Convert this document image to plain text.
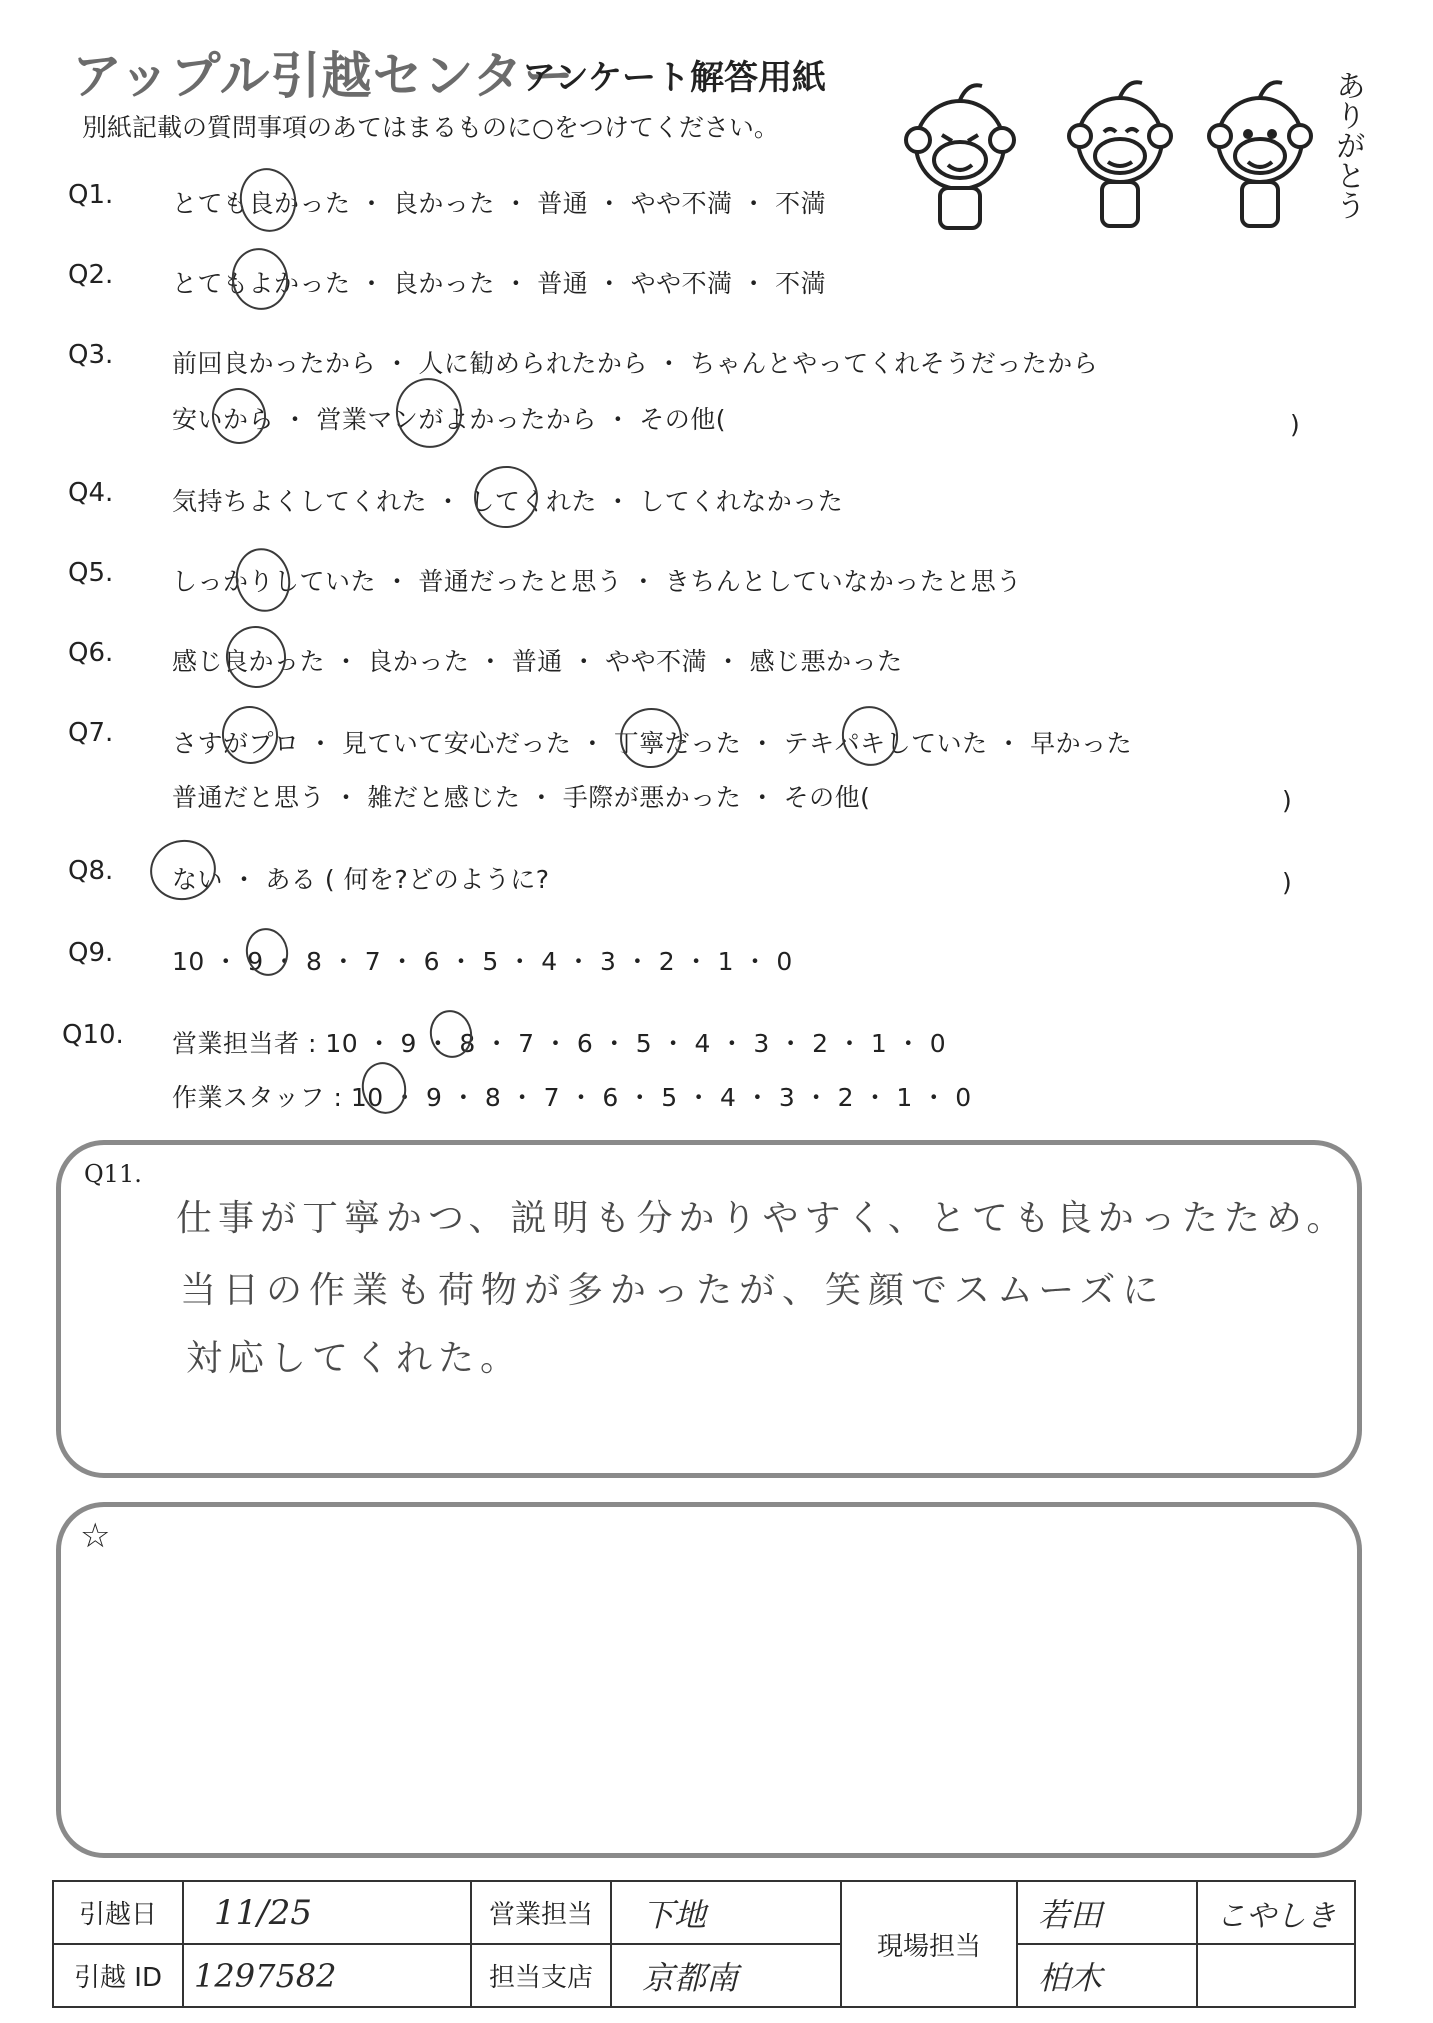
アップル引越センター
アンケート解答用紙
別紙記載の質問事項のあてはまるものに○をつけてください。	ありがとう
Q1. とても良かった ・ 良かった ・ 普通 ・ やや不満 ・ 不満
Q2. とてもよかった ・ 良かった ・ 普通 ・ やや不満 ・ 不満
Q3. 前回良かったから ・ 人に勧められたから ・ ちゃんとやってくれそうだったから
安いから ・ 営業マンがよかったから ・ その他(	)
Q4. 気持ちよくしてくれた ・ してくれた ・ してくれなかった
Q5. しっかりしていた ・ 普通だったと思う ・ きちんとしていなかったと思う
Q6. 感じ良かった ・ 良かった ・ 普通 ・ やや不満 ・ 感じ悪かった
Q7. さすがプロ ・ 見ていて安心だった ・ 丁寧だった ・ テキパキしていた ・ 早かった
普通だと思う ・ 雑だと感じた ・ 手際が悪かった ・ その他(	)
Q8. ない ・ ある ( 何を?どのように?	)
Q9. 10 ・ 9 ・ 8 ・ 7 ・ 6 ・ 5 ・ 4 ・ 3 ・ 2 ・ 1 ・ 0
Q10. 営業担当者 : 10 ・ 9 ・ 8 ・ 7 ・ 6 ・ 5 ・ 4 ・ 3 ・ 2 ・ 1 ・ 0
作業スタッフ : 10 ・ 9 ・ 8 ・ 7 ・ 6 ・ 5 ・ 4 ・ 3 ・ 2 ・ 1 ・ 0
Q11.
仕事が丁寧かつ、説明も分かりやすく、とても良かったため。
当日の作業も荷物が多かったが、笑顔でスムーズに
対応してくれた。
☆
引越日	11/25	営業担当	下地	現場担当	若田	こやしき
引越 ID	1297582	担当支店	京都南		柏木	
